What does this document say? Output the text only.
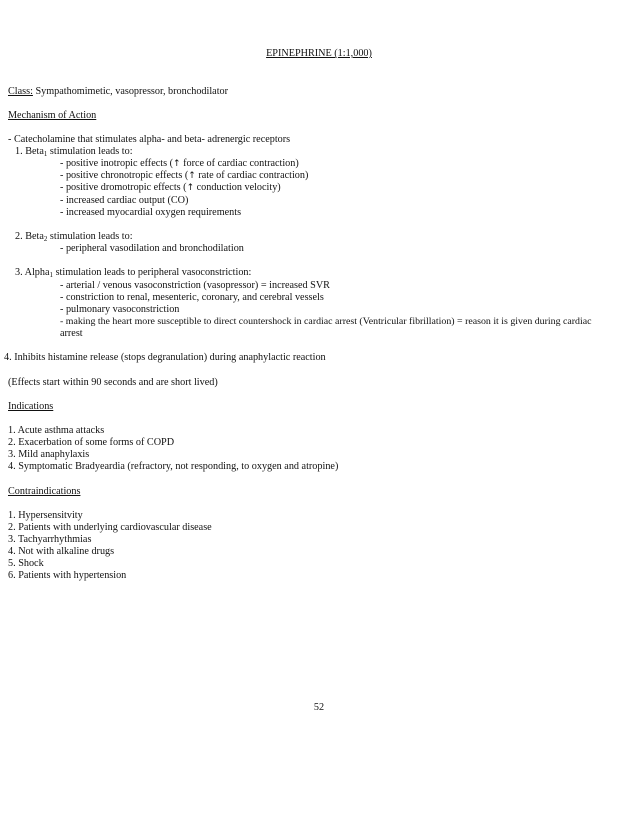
EPINEPHRINE (1:1,000)
Class: Sympathomimetic, vasopressor, bronchodilator
Mechanism of Action
- Catecholamine that stimulates alpha- and beta- adrenergic receptors
1. Beta$_1$ stimulation leads to:
- positive inotropic effects (↑ force of cardiac contraction)
- positive chronotropic effects (↑ rate of cardiac contraction)
- positive dromotropic effects (↑ conduction velocity)
- increased cardiac output (CO)
- increased myocardial oxygen requirements
2. Beta$_2$ stimulation leads to:
- peripheral vasodilation and bronchodilation
3. Alpha$_1$ stimulation leads to peripheral vasoconstriction:
- arterial / venous vasoconstriction (vasopressor) = increased SVR
- constriction to renal, mesenteric, coronary, and cerebral vessels
- pulmonary vasoconstriction
- making the heart more susceptible to direct countershock in cardiac arrest (Ventricular fibrillation) = reason it is given during cardiac
arrest
4. Inhibits histamine release (stops degranulation) during anaphylactic reaction
(Effects start within 90 seconds and are short lived)
Indications
1. Acute asthma attacks
2. Exacerbation of some forms of COPD
3. Mild anaphylaxis
4. Symptomatic Bradyeardia (refractory, not responding, to oxygen and atropine)
Contraindications
1. Hypersensitvity
2. Patients with underlying cardiovascular disease
3. Tachyarrhythmias
4. Not with alkaline drugs
5. Shock
6. Patients with hypertension
52
